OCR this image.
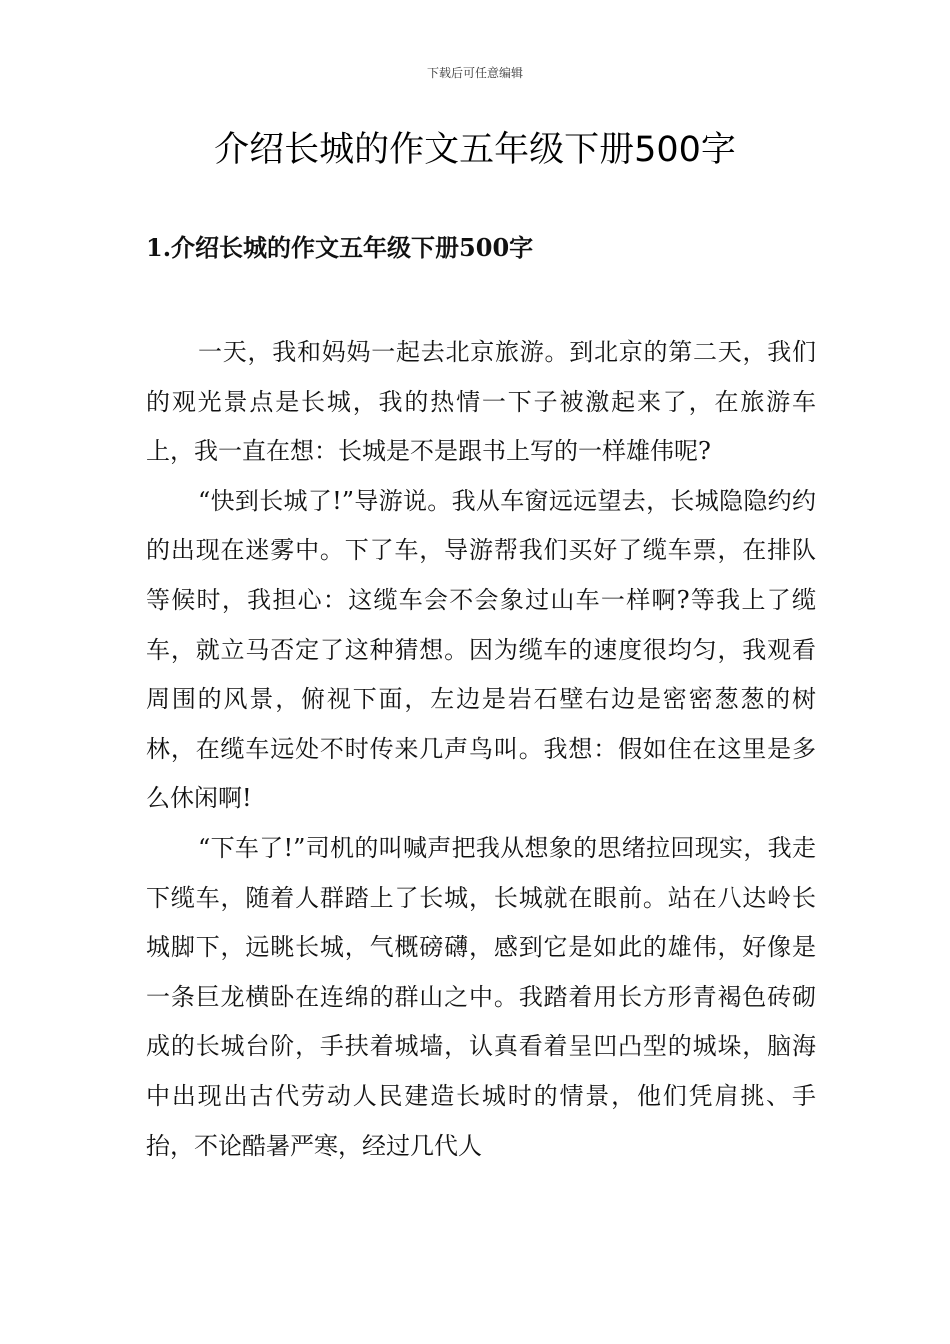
下载后可任意编辑
介绍长城的作文五年级下册500字
1.介绍长城的作文五年级下册500字

一天，我和妈妈一起去北京旅游。到北京的第二天，我们的观光景点是长城，我的热情一下子被激起来了，在旅游车上，我一直在想：长城是不是跟书上写的一样雄伟呢?

“快到长城了!”导游说。我从车窗远远望去，长城隐隐约约的出现在迷雾中。下了车，导游帮我们买好了缆车票，在排队等候时，我担心：这缆车会不会象过山车一样啊?等我上了缆车，就立马否定了这种猜想。因为缆车的速度很均匀，我观看周围的风景，俯视下面，左边是岩石壁右边是密密葱葱的树林，在缆车远处不时传来几声鸟叫。我想：假如住在这里是多么休闲啊!

“下车了!”司机的叫喊声把我从想象的思绪拉回现实，我走下缆车，随着人群踏上了长城，长城就在眼前。站在八达岭长城脚下，远眺长城，气概磅礴，感到它是如此的雄伟，好像是一条巨龙横卧在连绵的群山之中。我踏着用长方形青褐色砖砌成的长城台阶，手扶着城墙，认真看着呈凹凸型的城垛，脑海中出现出古代劳动人民建造长城时的情景，他们凭肩挑、手抬，不论酷暑严寒，经过几代人
